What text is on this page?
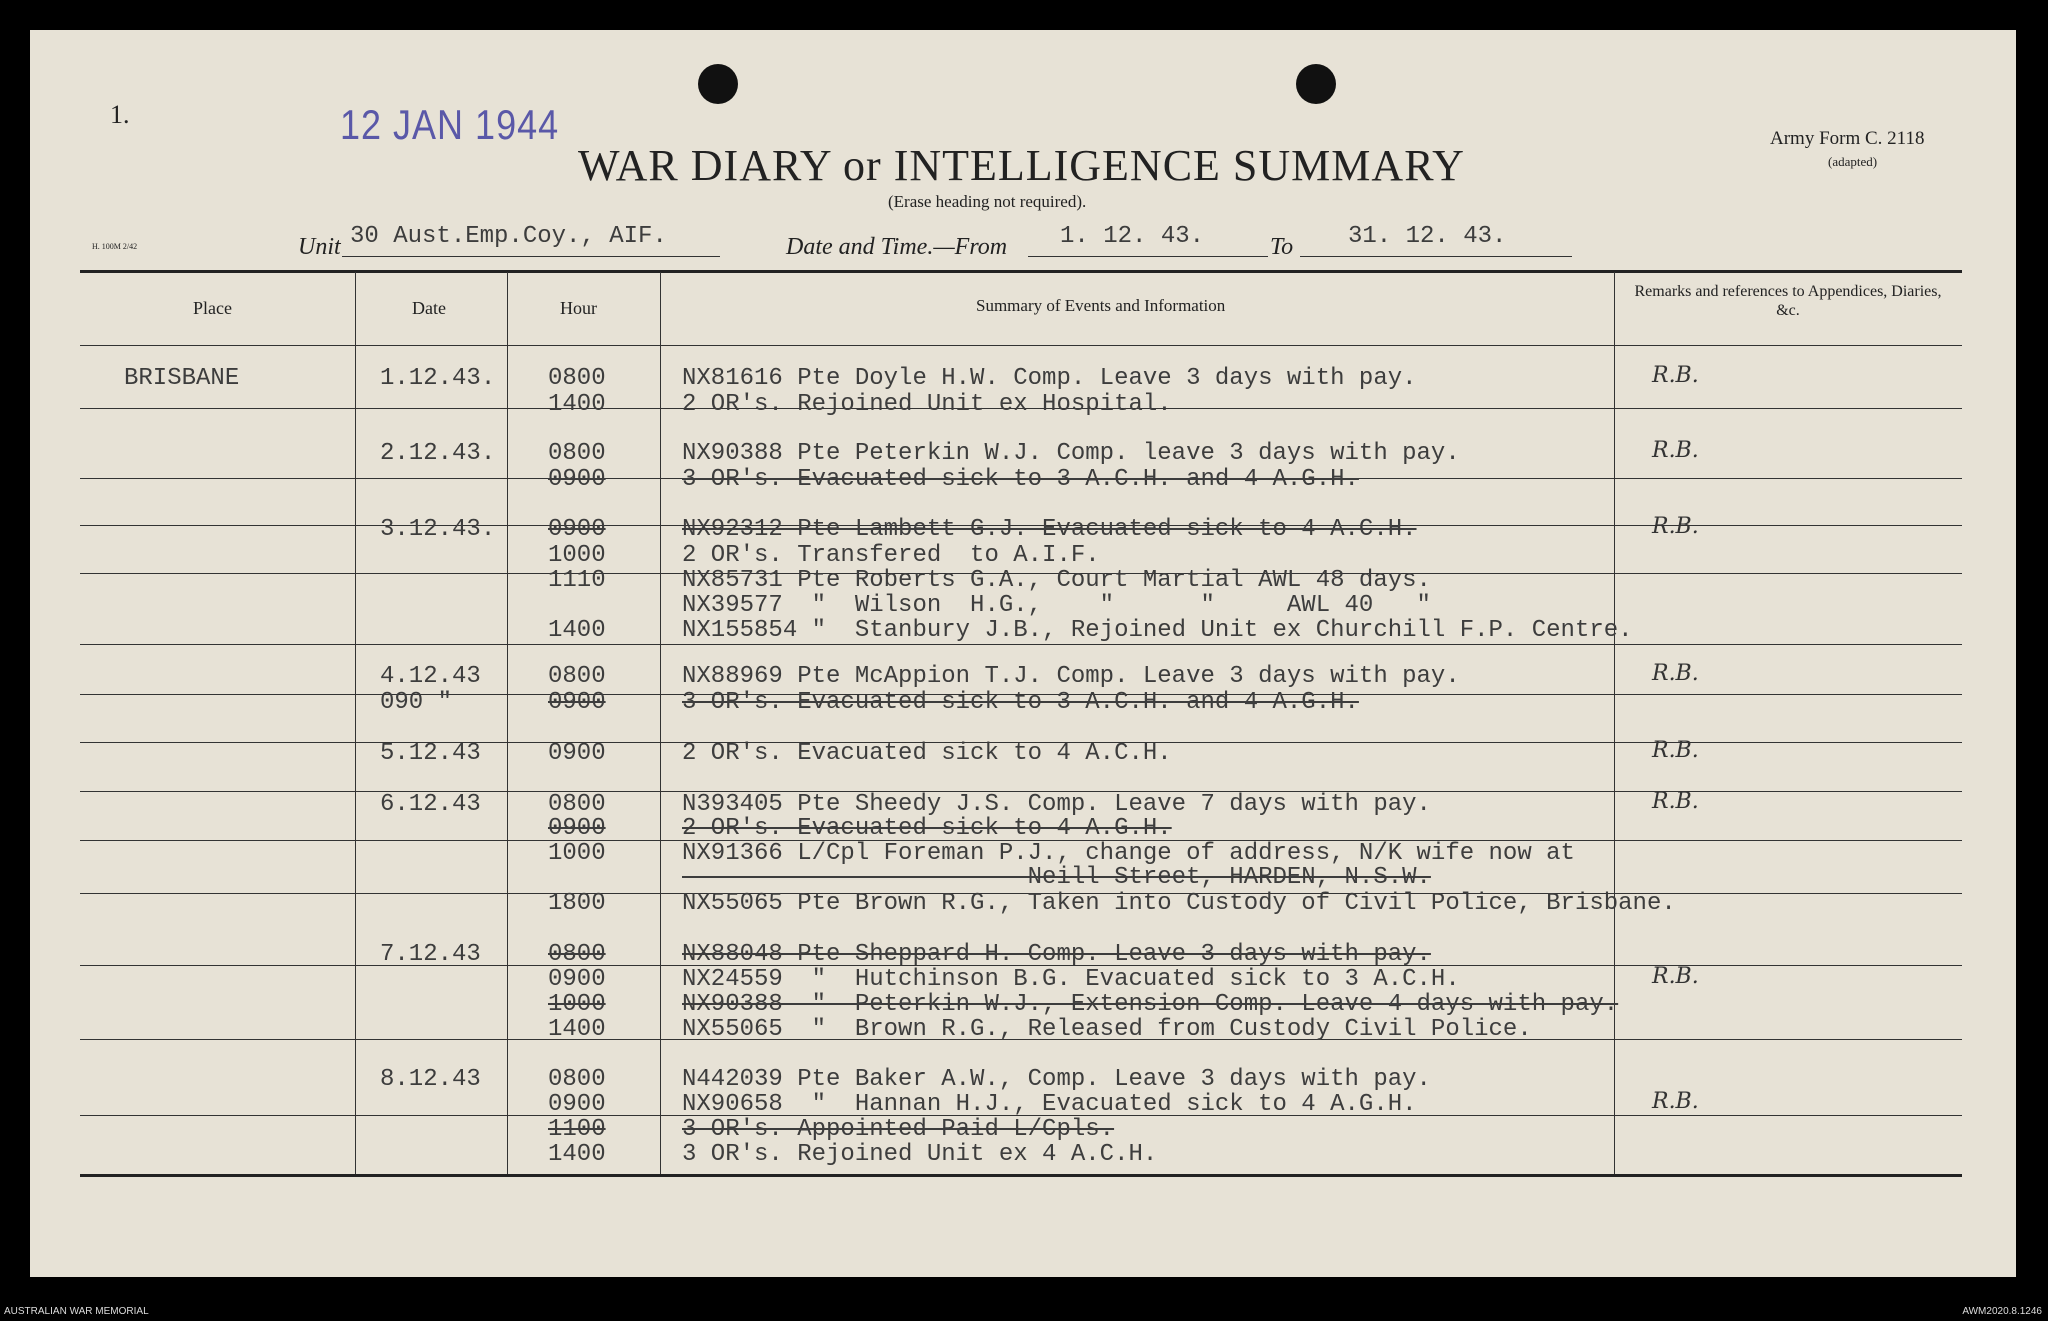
1.	12 JAN 1944
WAR DIARY or INTELLIGENCE SUMMARY
(Erase heading not required).
Army Form C. 2118
(adapted)
H. 100M 2/42	Unit 30 Aust.Emp.Coy., AIF.	Date and Time.—From 1. 12. 43.	To 31. 12. 43.
Place	Date	Hour	Summary of Events and Information
Remarks and references to Appendices, Diaries, &c.
BRISBANE	1.12.43. 0800	NX81616 Pte Doyle H.W. Comp. Leave 3 days with pay.	R.B.
1400	2 OR's. Rejoined Unit ex Hospital.
2.12.43. 0800	NX90388 Pte Peterkin W.J. Comp. leave 3 days with pay.	R.B.
0900	3 OR's. Evacuated sick to 3 A.C.H. and 4 A.G.H.
3.12.43. 0900	NX92312 Pte Lambett G.J. Evacuated sick to 4 A.C.H.	R.B.
1000	2 OR's. Transfered  to A.I.F.
1110	NX85731 Pte Roberts G.A., Court Martial AWL 48 days.
NX39577  "  Wilson  H.G.,    "      "     AWL 40   "
1400	NX155854 "  Stanbury J.B., Rejoined Unit ex Churchill F.P. Centre.
4.12.43	0800	NX88969 Pte McAppion T.J. Comp. Leave 3 days with pay.	R.B.
090 "	0900	3 OR's. Evacuated sick to 3 A.C.H. and 4 A.G.H.
5.12.43	0900	2 OR's. Evacuated sick to 4 A.C.H.	R.B.
6.12.43	0800	N393405 Pte Sheedy J.S. Comp. Leave 7 days with pay.	R.B.
0900	2 OR's. Evacuated sick to 4 A.G.H.
1000	NX91366 L/Cpl Foreman P.J., change of address, N/K wife now at
Neill Street, HARDEN, N.S.W.
1800	NX55065 Pte Brown R.G., Taken into Custody of Civil Police, Brisbane.
7.12.43	0800	NX88048 Pte Sheppard H. Comp. Leave 3 days with pay.
0900	NX24559  "  Hutchinson B.G. Evacuated sick to 3 A.C.H.	R.B.
1000	NX90388  "  Peterkin W.J., Extension Comp. Leave 4 days with pay.
1400	NX55065  "  Brown R.G., Released from Custody Civil Police.
8.12.43	0800	N442039 Pte Baker A.W., Comp. Leave 3 days with pay.
0900	NX90658  "  Hannan H.J., Evacuated sick to 4 A.G.H.	R.B.
1100	3 OR's. Appointed Paid L/Cpls.
1400	3 OR's. Rejoined Unit ex 4 A.C.H.
AUSTRALIAN WAR MEMORIAL	AWM2020.8.1246
